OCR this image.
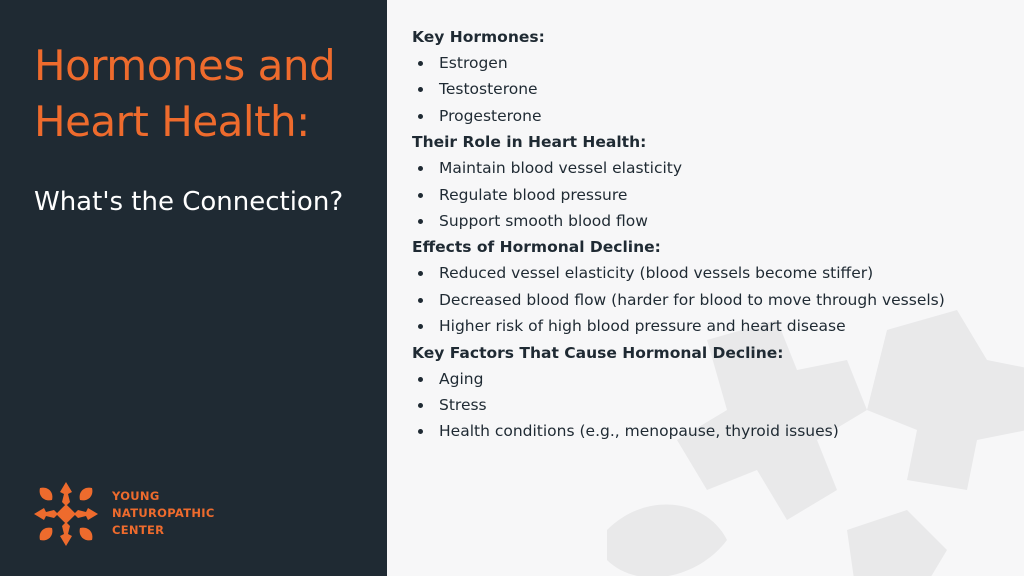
Hormones and
Heart Health:
What's the Connection?
YOUNG
NATUROPATHIC
CENTER
Key Hormones:
Estrogen
Testosterone
Progesterone
Their Role in Heart Health:
Maintain blood vessel elasticity
Regulate blood pressure
Support smooth blood flow
Effects of Hormonal Decline:
Reduced vessel elasticity (blood vessels become stiffer)
Decreased blood flow (harder for blood to move through vessels)
Higher risk of high blood pressure and heart disease
Key Factors That Cause Hormonal Decline:
Aging
Stress
Health conditions (e.g., menopause, thyroid issues)
